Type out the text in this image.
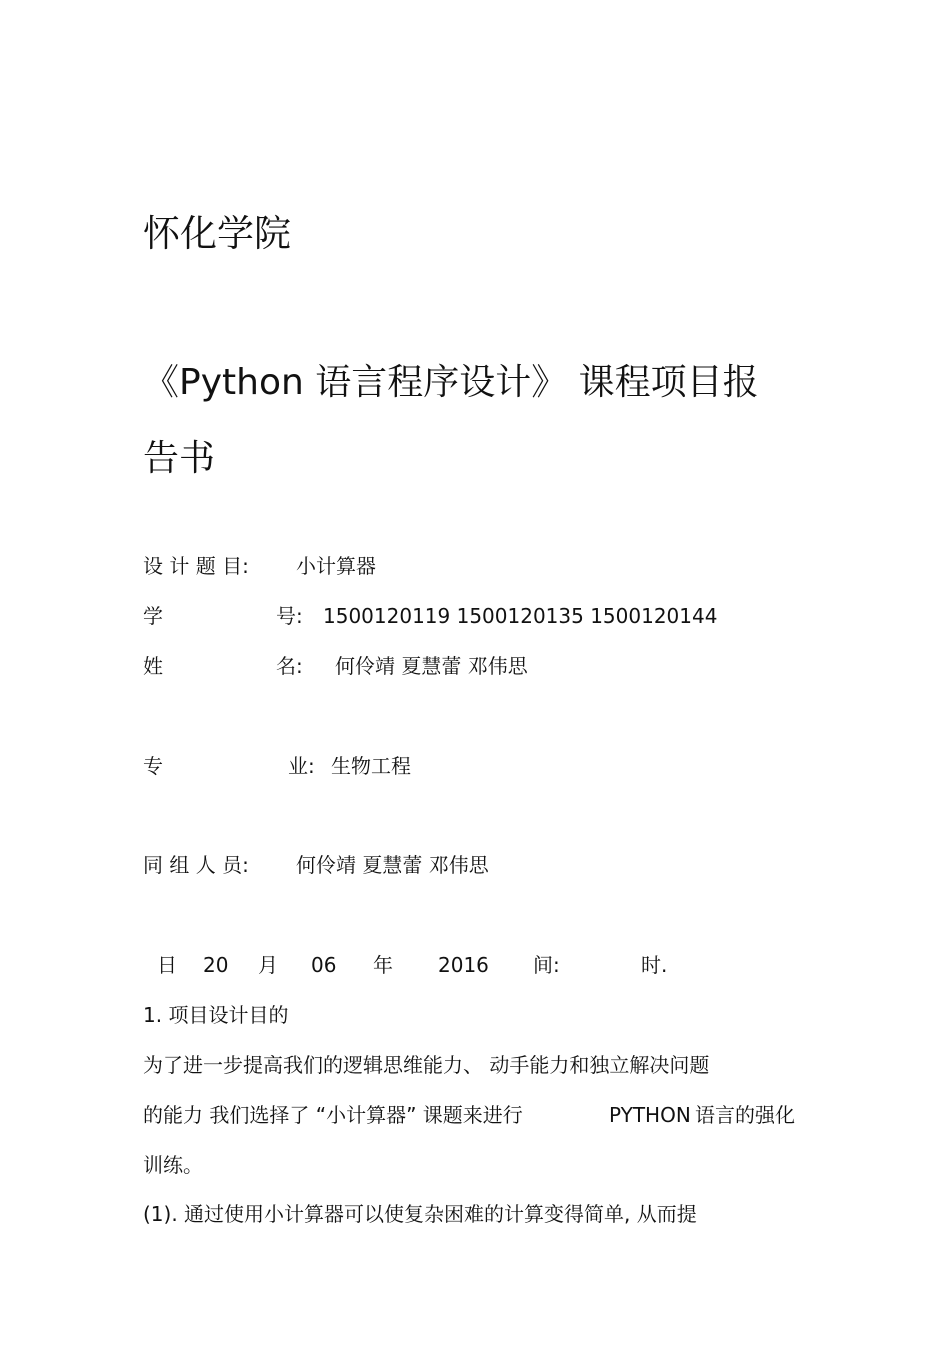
怀化学院
《Python 语言程序设计》 课程项目报
告书
设 计 题 目: 小计算器
学	号: 1500120119 1500120135 1500120144
姓	名: 何伶靖 夏慧蕾 邓伟思
专	业: 生物工程
同 组 人 员: 何伶靖 夏慧蕾 邓伟思
日 20 月 06 年 2016 间:	时.
1. 项目设计目的
为了进一步提高我们的逻辑思维能力、 动手能力和独立解决问题
的能力 我们选择了 “小计算器” 课题来进行	PYTHON 语言的强化
训练。
(1). 通过使用小计算器可以使复杂困难的计算变得简单, 从而提
